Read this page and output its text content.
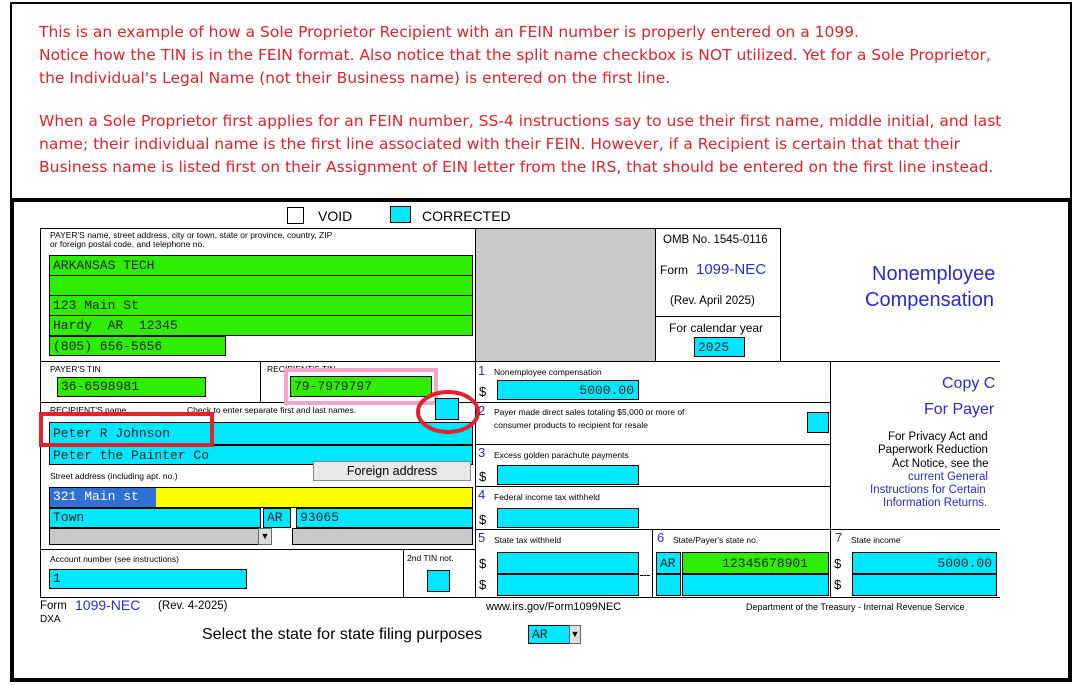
This is an example of how a Sole Proprietor Recipient with an FEIN number is properly entered on a 1099.

Notice how the TIN is in the FEIN format. Also notice that the split name checkbox is NOT utilized. Yet for a Sole Proprietor,

the Individual's Legal Name (not their Business name) is entered on the first line.

When a Sole Proprietor first applies for an FEIN number, SS-4 instructions say to use their first name, middle initial, and last

name; their individual name is the first line associated with their FEIN. However, if a Recipient is certain that that their

Business name is listed first on their Assignment of EIN letter from the IRS, that should be entered on the first line instead.

VOID	CORRECTED
PAYER'S name, street address, city or town, state or province, country, ZIP
or foreign postal code, and telephone no.
ARKANSAS TECH
123 Main St
Hardy  AR  12345
(805) 656-5656
PAYER'S TIN
36-6598981
RECIPIENT'S TIN
79-7979797
RECIPIENT'S name	Check to enter separate first and last names.
Peter R Johnson
Peter the Painter Co
Street address (including apt. no.)	Foreign address
321 Main st
Town	AR 93065
▼
Account number (see instructions)
1
2nd TIN not.
OMB No. 1545-0116
Form 1099-NEC
(Rev. April 2025)
For calendar year
2025
Nonemployee
Compensation
1 Nonemployee compensation
$	5000.00
2 Payer made direct sales totaling $5,000 or more of
consumer products to recipient for resale
3 Excess golden parachute payments
$
4 Federal income tax withheld
$
Copy C
For Payer
For Privacy Act and
Paperwork Reduction
Act Notice, see the
current General
Instructions for Certain
Information Returns.
5 State tax withheld
$
$
6 State/Payer's state no.
AR	12345678901
7 State income
$	5000.00
$
Form 1099-NEC (Rev. 4-2025)
DXA
www.irs.gov/Form1099NEC	Department of the Treasury - Internal Revenue Service
Select the state for state filing purposes	AR	▼
